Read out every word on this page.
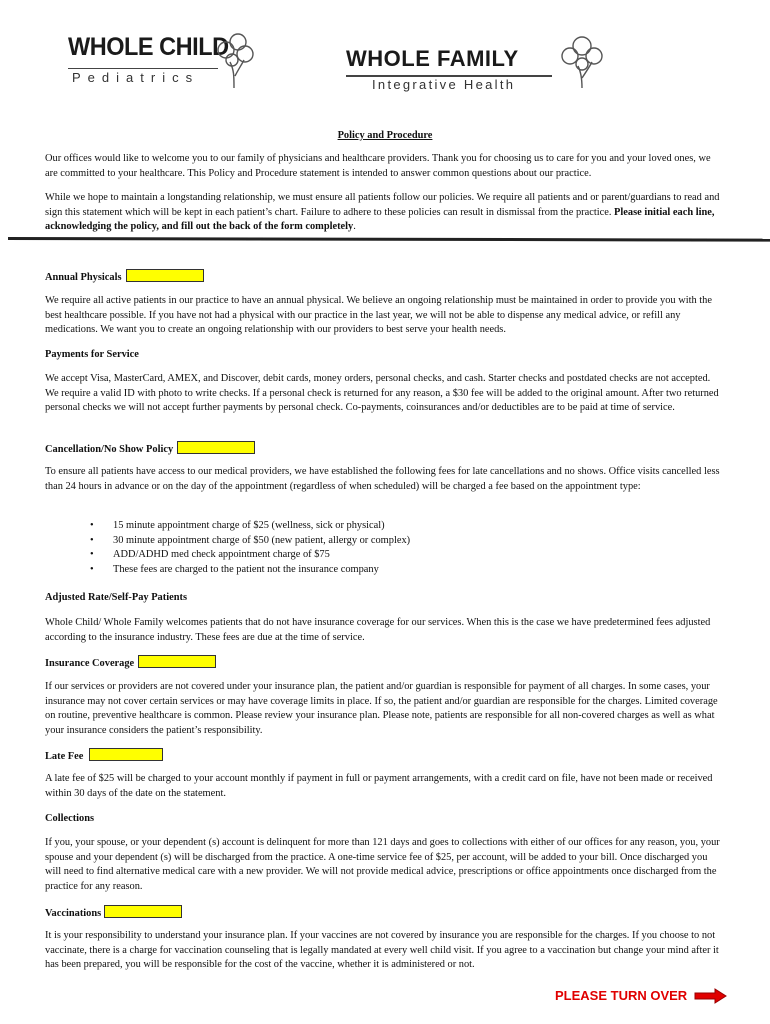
WHOLE CHILD
Pediatrics
WHOLE FAMILY
Integrative Health
Policy and Procedure

Our offices would like to welcome you to our family of physicians and healthcare providers. Thank you for choosing us to care for you and your loved ones, we are committed to your healthcare. This Policy and Procedure statement is intended to answer common questions about our practice.

While we hope to maintain a longstanding relationship, we must ensure all patients follow our policies. We require all patients and or parent/guardians to read and sign this statement which will be kept in each patient’s chart. Failure to adhere to these policies can result in dismissal from the practice. Please initial each line, acknowledging the policy, and fill out the back of the form completely.

Annual Physicals

We require all active patients in our practice to have an annual physical. We believe an ongoing relationship must be maintained in order to provide you with the best healthcare possible. If you have not had a physical with our practice in the last year, we will not be able to dispense any medical advice, or refill any medications. We want you to create an ongoing relationship with our providers to best serve your health needs.

Payments for Service

We accept Visa, MasterCard, AMEX, and Discover, debit cards, money orders, personal checks, and cash. Starter checks and postdated checks are not accepted. We require a valid ID with photo to write checks. If a personal check is returned for any reason, a $30 fee will be added to the original amount. After two returned personal checks we will not accept further payments by personal check. Co-payments, coinsurances and/or deductibles are to be paid at time of service.

Cancellation/No Show Policy

To ensure all patients have access to our medical providers, we have established the following fees for late cancellations and no shows. Office visits cancelled less than 24 hours in advance or on the day of the appointment (regardless of when scheduled) will be charged a fee based on the appointment type:

• 15 minute appointment charge of $25 (wellness, sick or physical)
• 30 minute appointment charge of $50 (new patient, allergy or complex)
• ADD/ADHD med check appointment charge of $75
• These fees are charged to the patient not the insurance company
Adjusted Rate/Self-Pay Patients

Whole Child/ Whole Family welcomes patients that do not have insurance coverage for our services. When this is the case we have predetermined fees adjusted according to the insurance industry. These fees are due at the time of service.

Insurance Coverage

If our services or providers are not covered under your insurance plan, the patient and/or guardian is responsible for payment of all charges. In some cases, your insurance may not cover certain services or may have coverage limits in place. If so, the patient and/or guardian are responsible for the charges. Limited coverage on routine, preventive healthcare is common. Please review your insurance plan. Please note, patients are responsible for all non-covered charges as well as what your insurance considers the patient’s responsibility.

Late Fee

A late fee of $25 will be charged to your account monthly if payment in full or payment arrangements, with a credit card on file, have not been made or received within 30 days of the date on the statement.

Collections

If you, your spouse, or your dependent (s) account is delinquent for more than 121 days and goes to collections with either of our offices for any reason, you, your spouse and your dependent (s) will be discharged from the practice. A one-time service fee of $25, per account, will be added to your bill. Once discharged you will need to find alternative medical care with a new provider. We will not provide medical advice, prescriptions or office appointments once discharged from the practice for any reason.

Vaccinations

It is your responsibility to understand your insurance plan. If your vaccines are not covered by insurance you are responsible for the charges. If you choose to not vaccinate, there is a charge for vaccination counseling that is legally mandated at every well child visit. If you agree to a vaccination but change your mind after it has been prepared, you will be responsible for the cost of the vaccine, whether it is administered or not.

PLEASE TURN OVER
